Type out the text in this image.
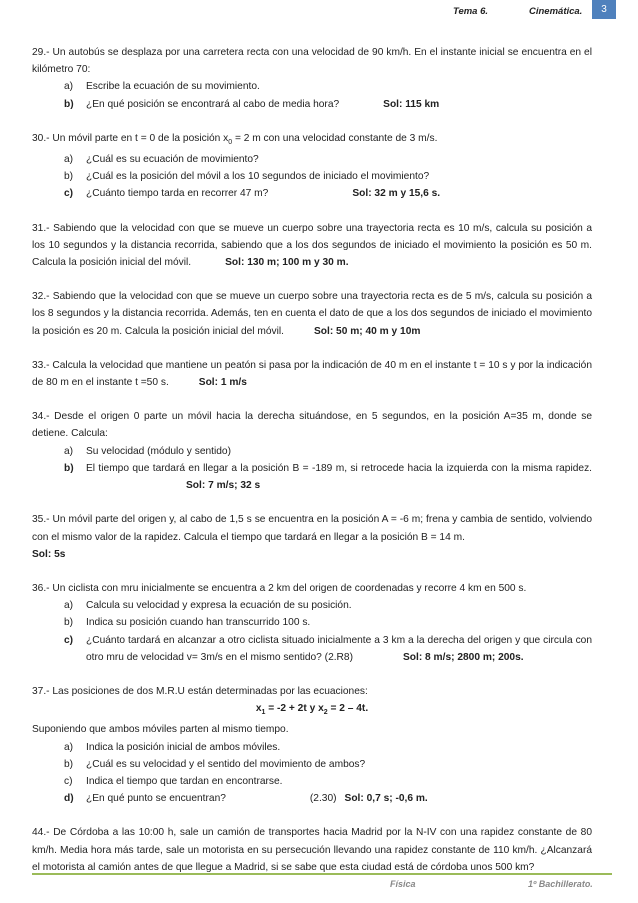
Tema 6.	Cinemática.	3

29.- Un autobús se desplaza por una carretera recta con una velocidad de 90 km/h. En el instante inicial se encuentra en el kilómetro 70:

a)	Escribe la ecuación de su movimiento.
b)	¿En qué posición se encontrará al cabo de media hora?	Sol: 115 km

30.- Un móvil parte en t = 0 de la posición $x_0 = 2$ m con una velocidad constante de 3 m/s.

a)	¿Cuál es su ecuación de movimiento?
b)	¿Cuál es la posición del móvil a los 10 segundos de iniciado el movimiento?
c)	¿Cuánto tiempo tarda en recorrer 47 m?	Sol: 32 m y 15,6 s.

31.- Sabiendo que la velocidad con que se mueve un cuerpo sobre una trayectoria recta es 10 m/s, calcula su posición a los 10 segundos y la distancia recorrida, sabiendo que a los dos segundos de iniciado el movimiento la posición es 50 m. Calcula la posición inicial del móvil.	Sol: 130 m; 100 m y 30 m.

32.- Sabiendo que la velocidad con que se mueve un cuerpo sobre una trayectoria recta es de 5 m/s, calcula su posición a los 8 segundos y la distancia recorrida. Además, ten en cuenta el dato de que a los dos segundos de iniciado el movimiento la posición es 20 m. Calcula la posición inicial del móvil.	Sol: 50 m; 40 m y 10m

33.- Calcula la velocidad que mantiene un peatón si pasa por la indicación de 40 m en el instante t = 10 s y por la indicación de 80 m en el instante t =50 s.	Sol: 1 m/s

34.- Desde el origen 0 parte un móvil hacia la derecha situándose, en 5 segundos, en la posición A=35 m, donde se detiene. Calcula:

a)	Su velocidad (módulo y sentido)
b)	El tiempo que tardará en llegar a la posición B = -189 m, si retrocede hacia la izquierda con la misma rapidez.Sol: 7 m/s; 32 s

35.- Un móvil parte del origen y, al cabo de 1,5 s se encuentra en la posición A = -6 m; frena y cambia de sentido, volviendo con el mismo valor de la rapidez. Calcula el tiempo que tardará en llegar a la posición B = 14 m.

Sol: 5s

36.- Un ciclista con mru inicialmente se encuentra a 2 km del origen de coordenadas y recorre 4 km en 500 s.

a)	Calcula su velocidad y expresa la ecuación de su posición.
b)	Indica su posición cuando han transcurrido 100 s.
c)	¿Cuánto tardará en alcanzar a otro ciclista situado inicialmente a 3 km a la derecha del origen y que circula con otro mru de velocidad v= 3m/s en el mismo sentido? (2.R8)	Sol: 8 m/s; 2800 m; 200s.

37.- Las posiciones de dos M.R.U están determinadas por las ecuaciones:

$x_1 = -2 + 2t$ y $x_2 = 2 - 4t$.

Suponiendo que ambos móviles parten al mismo tiempo.

a)	Indica la posición inicial de ambos móviles.
b)	¿Cuál es su velocidad y el sentido del movimiento de ambos?
c)	Indica el tiempo que tardan en encontrarse.
d)	¿En qué punto se encuentran?	(2.30) Sol: 0,7 s; -0,6 m.

44.- De Córdoba a las 10:00 h, sale un camión de transportes hacia Madrid por la N-IV con una rapidez constante de 80 km/h. Media hora más tarde, sale un motorista en su persecución llevando una rapidez constante de 110 km/h. ¿Alcanzará el motorista al camión antes de que llegue a Madrid, si se sabe que esta ciudad está de córdoba unos 500 km?

Física	1º Bachillerato.
